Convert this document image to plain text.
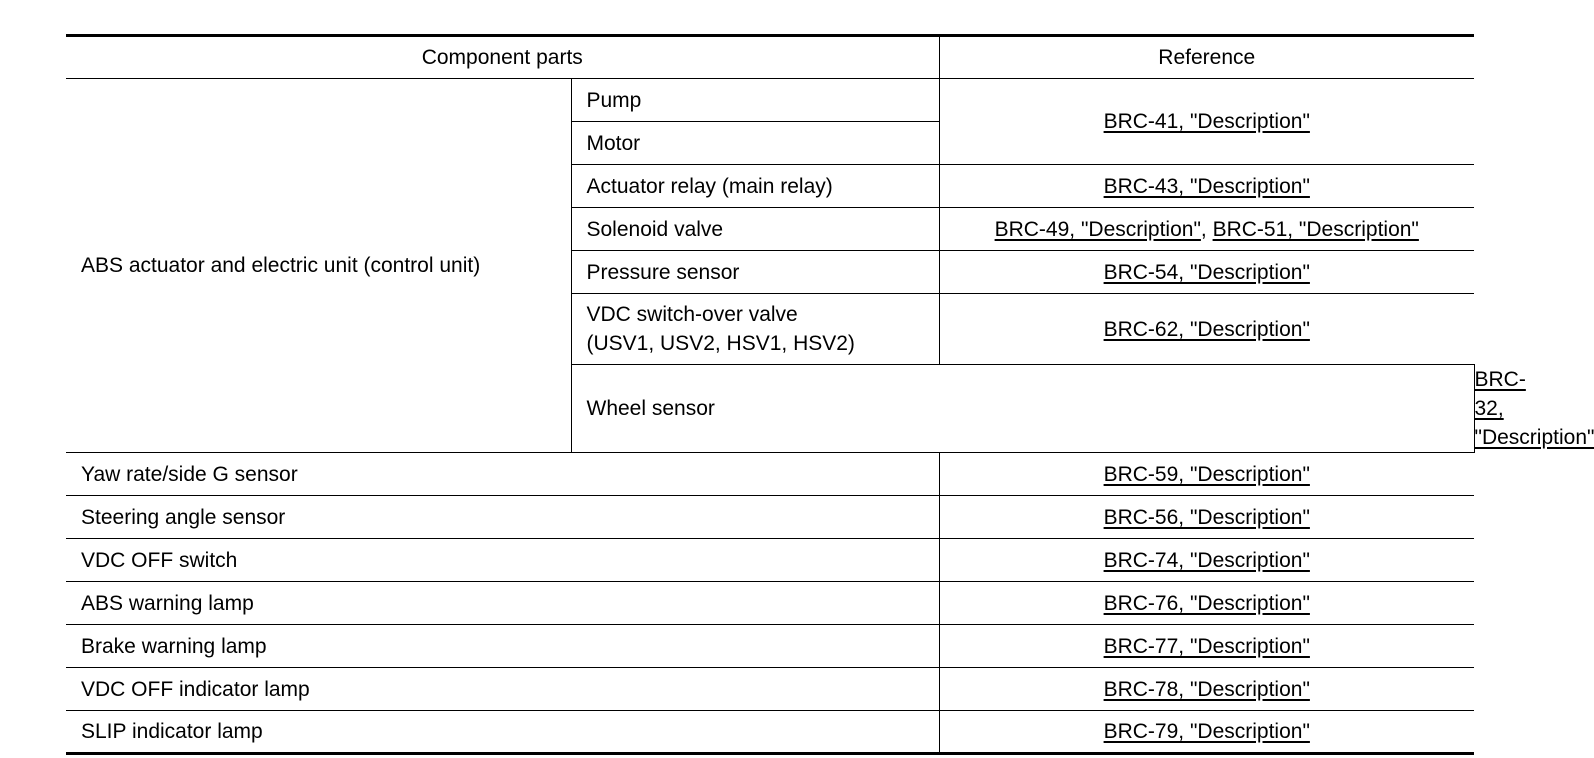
Component parts		Reference	
ABS actuator and electric unit (control unit)	Pump	BRC-41, "Description"	
	Motor		
	Actuator relay (main relay)	BRC-43, "Description"	
	Solenoid valve	BRC-49, "Description", BRC-51, "Description"	
	Pressure sensor	BRC-54, "Description"	
	VDC switch-over valve
(USV1, USV2, HSV1, HSV2)	BRC-62, "Description"	
	Wheel sensor		BRC-32, "Description"
Yaw rate/side G sensor		BRC-59, "Description"	
Steering angle sensor		BRC-56, "Description"	
VDC OFF switch		BRC-74, "Description"	
ABS warning lamp		BRC-76, "Description"	
Brake warning lamp		BRC-77, "Description"	
VDC OFF indicator lamp		BRC-78, "Description"	
SLIP indicator lamp		BRC-79, "Description"	
